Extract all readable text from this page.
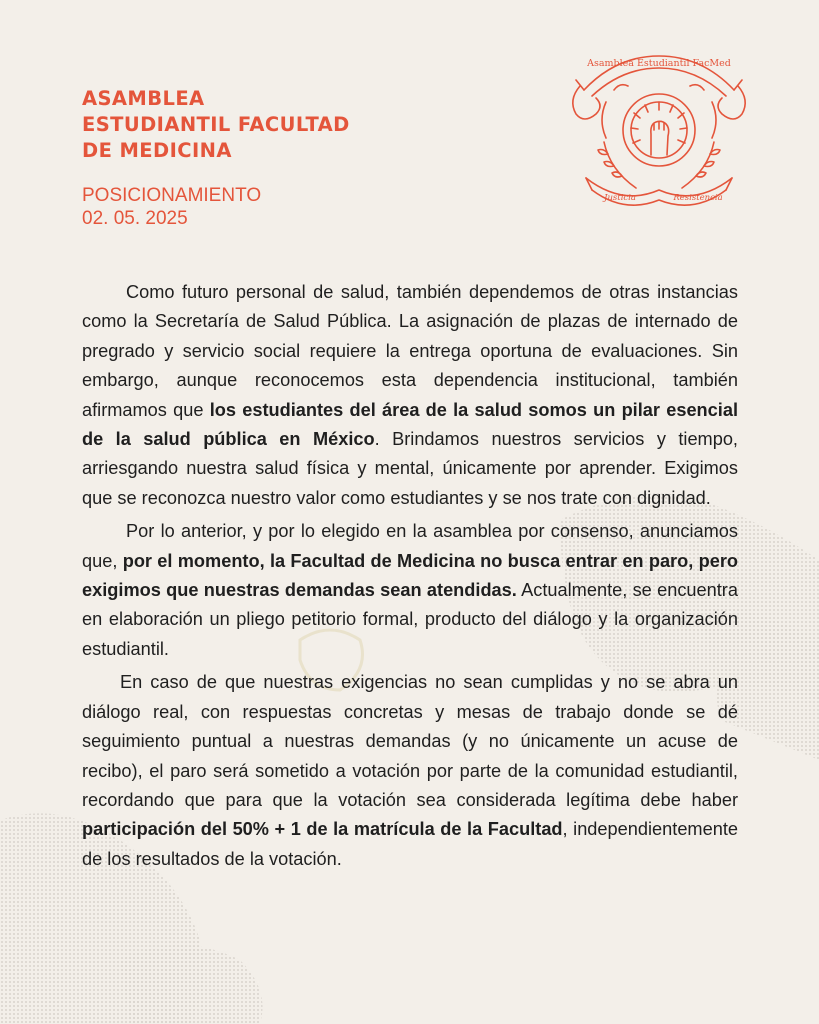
ASAMBLEA
ESTUDIANTIL FACULTAD
DE MEDICINA
POSICIONAMIENTO
02. 05. 2025
Asamblea Estudiantil FacMed
Justicia	Resistencia

Como futuro personal de salud, también dependemos de otras instancias como la Secretaría de Salud Pública. La asignación de plazas de internado de pregrado y servicio social requiere la entrega oportuna de evaluaciones. Sin embargo, aunque reconocemos esta dependencia institucional, también afirmamos que los estudiantes del área de la salud somos un pilar esencial de la salud pública en México. Brindamos nuestros servicios y tiempo, arriesgando nuestra salud física y mental, únicamente por aprender. Exigimos que se reconozca nuestro valor como estudiantes y se nos trate con dignidad.

Por lo anterior, y por lo elegido en la asamblea por consenso, anunciamos que, por el momento, la Facultad de Medicina no busca entrar en paro, pero exigimos que nuestras demandas sean atendidas. Actualmente, se encuentra en elaboración un pliego petitorio formal, producto del diálogo y la organización estudiantil.

En caso de que nuestras exigencias no sean cumplidas y no se abra un diálogo real, con respuestas concretas y mesas de trabajo donde se dé seguimiento puntual a nuestras demandas (y no únicamente un acuse de recibo), el paro será sometido a votación por parte de la comunidad estudiantil, recordando que para que la votación sea considerada legítima debe haber participación del 50% + 1 de la matrícula de la Facultad, independientemente de los resultados de la votación.
